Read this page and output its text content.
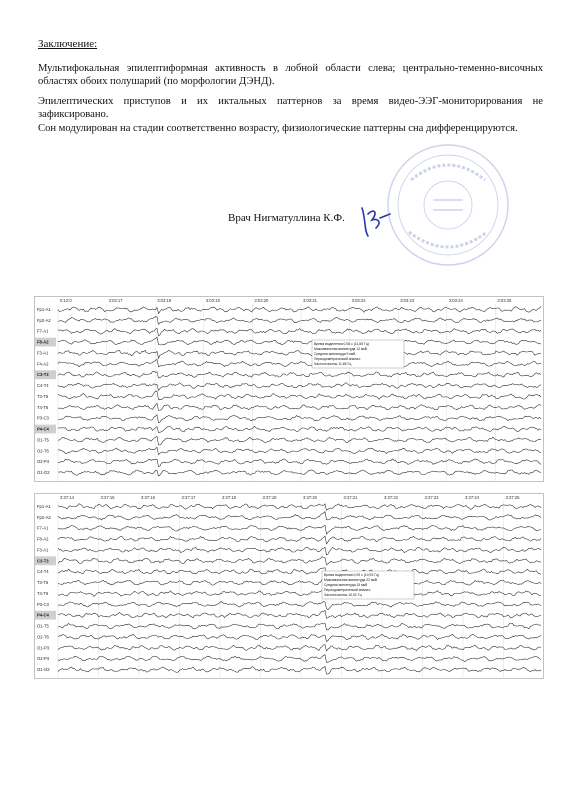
Заключение:
Мультифокальная эпилептиформная активность в лобной области слева; центрально-теменно-височных областях обоих полушарий (по морфологии ДЭНД).
Эпилептических приступов и их иктальных паттернов за время видео-ЭЭГ-мониторирования не зафиксировано.
Сон модулирован на стадии соответственно возрасту, физиологические паттерны сна дифференцируются.
Врач Нигматуллина К.Ф.
0:12:0	3:03:17	3:03:18	3:03:19	3:03:20	3:03:21	3:03:22	3:03:23	3:03:24	3:03:25
Fp1-A1
Fp2-A2
F7-A1
F8-A2
F3-A1
F4-A2
C3-T3
C4-T4
T3-T5
T4-T6
P3-C3
P4-C4
O1-T5
O2-T6
O2-P4
O1-O2
Время выделения 0,08 с (11,65 Гц)
Максимальная амплитуда 12 мкВ
Средняя амплитуда 9 мкВ
Периодометрический анализ:
Частота волны 11,65 Гц
3:37:14	3:37:15	3:37:16	3:37:17	3:37:18	3:37:19	3:37:20	3:37:21	3:37:22	3:37:23	3:37:24	3:37:25
Fp1-A1
Fp2-A2
F7-A1
F8-A2
F3-A1
C3-T3
C4-T4
T3-T5
T4-T6
P3-C3
P4-C4
O1-T5
O2-T6
O1-P3
O2-P4
O1-O2
Время выделения 0,09 с (10,92 Гц)
Максимальная амплитуда 22 мкВ
Средняя амплитуда 15 мкВ
Периодометрический анализ:
Частота волны 10,92 Гц
